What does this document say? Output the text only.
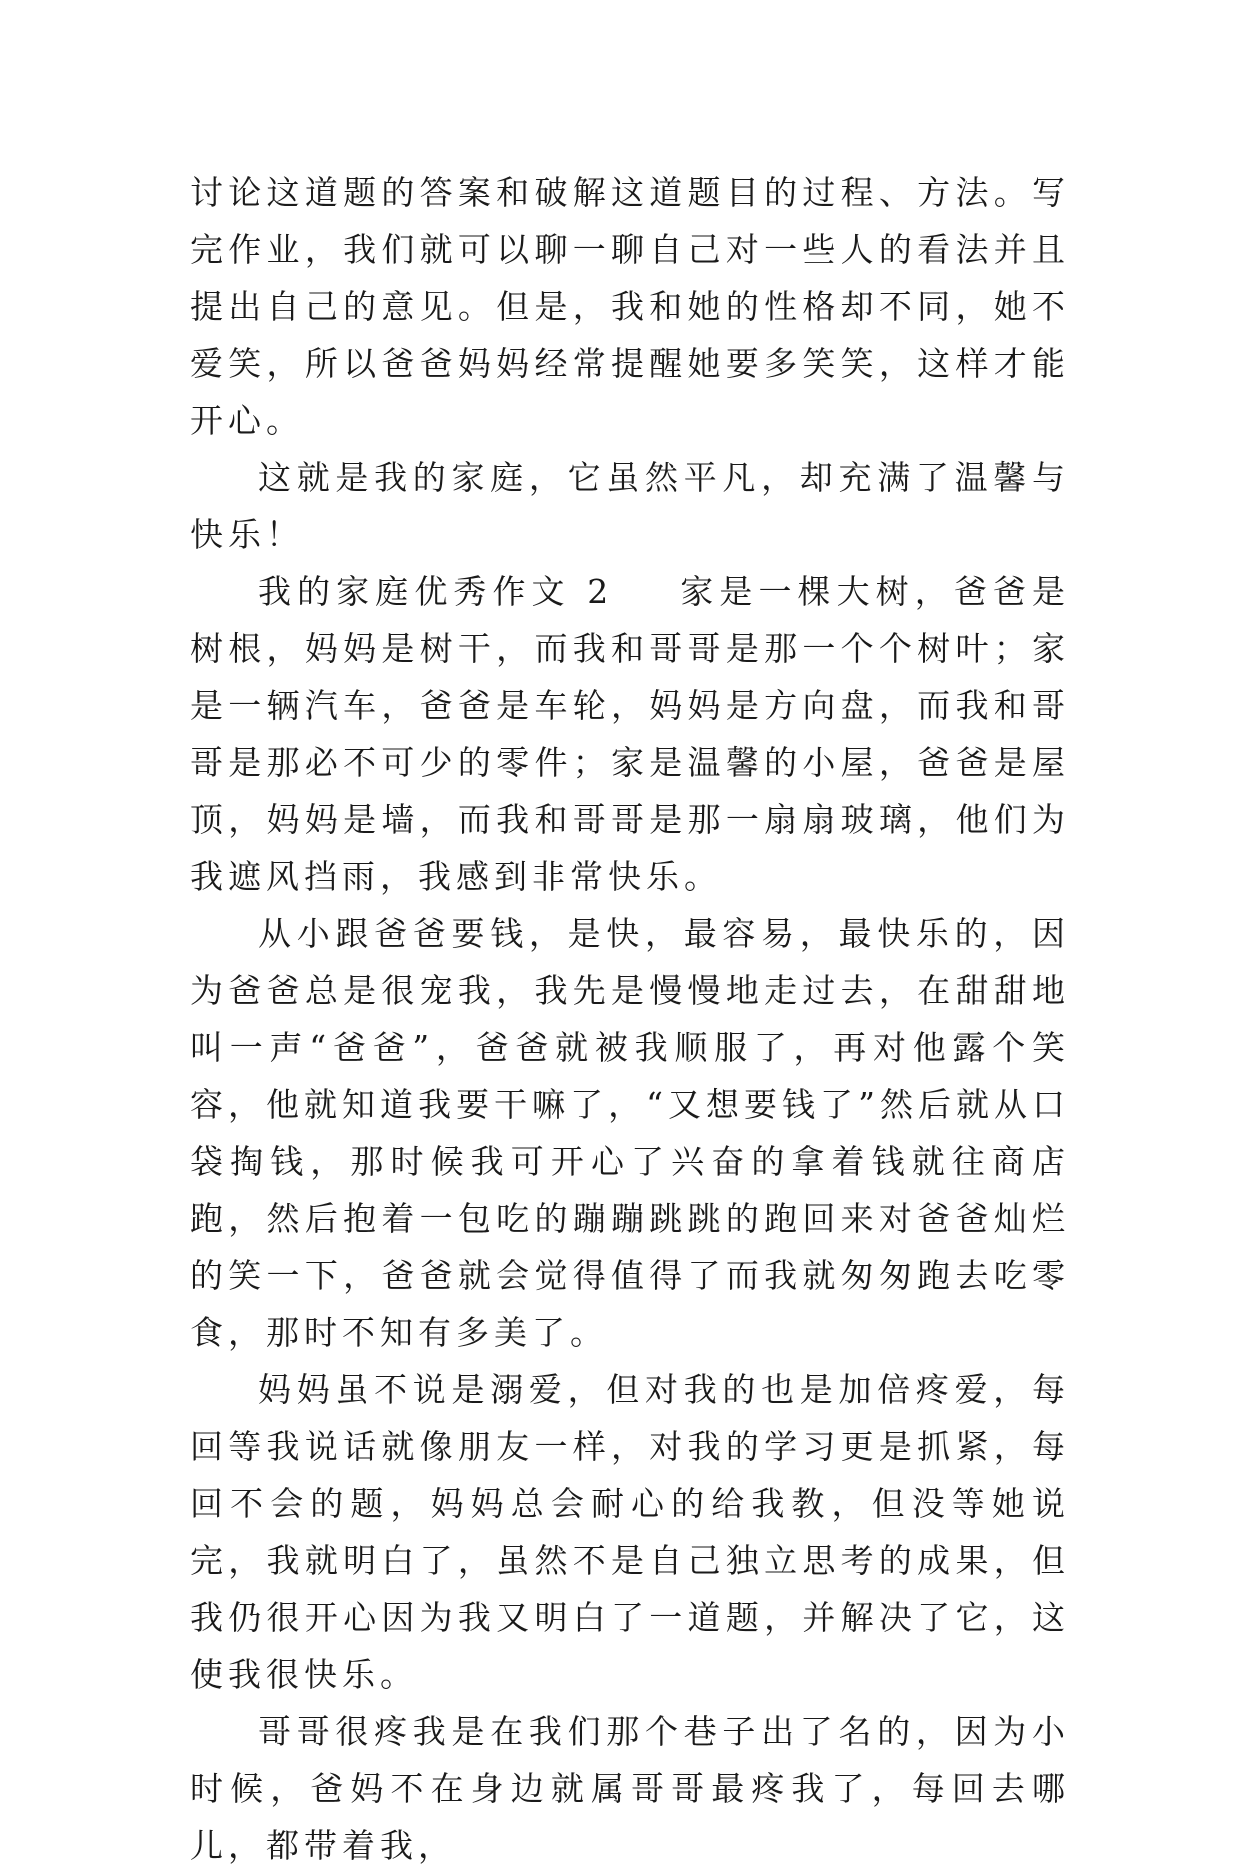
讨论这道题的答案和破解这道题目的过程、方法。写完作业，我们就可以聊一聊自己对一些人的看法并且提出自己的意见。但是，我和她的性格却不同，她不爱笑，所以爸爸妈妈经常提醒她要多笑笑，这样才能开心。

这就是我的家庭，它虽然平凡，却充满了温馨与快乐！

我的家庭优秀作文 2 家是一棵大树，爸爸是树根，妈妈是树干，而我和哥哥是那一个个树叶；家是一辆汽车，爸爸是车轮，妈妈是方向盘，而我和哥哥是那必不可少的零件；家是温馨的小屋，爸爸是屋顶，妈妈是墙，而我和哥哥是那一扇扇玻璃，他们为我遮风挡雨，我感到非常快乐。

从小跟爸爸要钱，是快，最容易，最快乐的，因为爸爸总是很宠我，我先是慢慢地走过去，在甜甜地叫一声“爸爸”，爸爸就被我顺服了，再对他露个笑容，他就知道我要干嘛了，“又想要钱了”然后就从口袋掏钱，那时候我可开心了兴奋的拿着钱就往商店跑，然后抱着一包吃的蹦蹦跳跳的跑回来对爸爸灿烂的笑一下，爸爸就会觉得值得了而我就匆匆跑去吃零食，那时不知有多美了。

妈妈虽不说是溺爱，但对我的也是加倍疼爱，每回等我说话就像朋友一样，对我的学习更是抓紧，每回不会的题，妈妈总会耐心的给我教，但没等她说完，我就明白了，虽然不是自己独立思考的成果，但我仍很开心因为我又明白了一道题，并解决了它，这使我很快乐。

哥哥很疼我是在我们那个巷子出了名的，因为小时候，爸妈不在身边就属哥哥最疼我了，每回去哪儿，都带着我，
